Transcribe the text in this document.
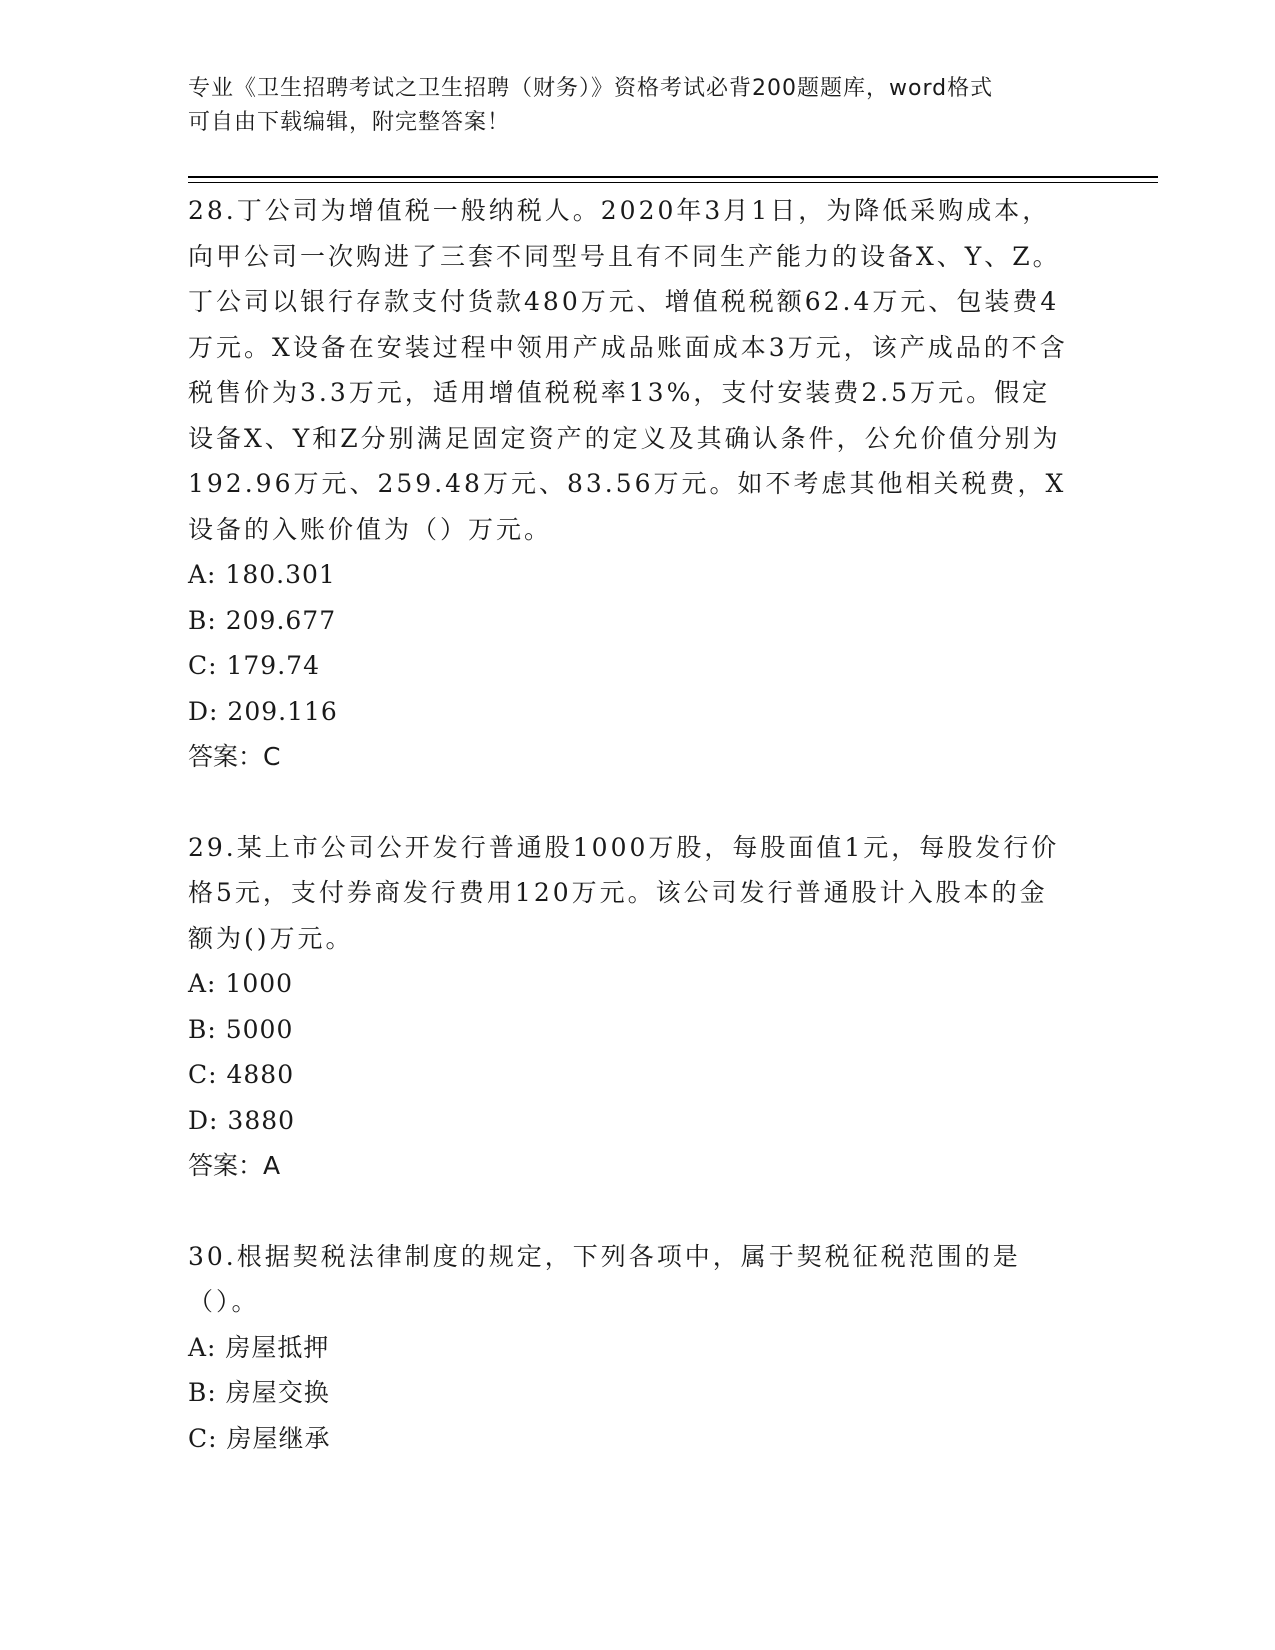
专业《卫生招聘考试之卫生招聘（财务）》资格考试必背200题题库，word格式
可自由下载编辑，附完整答案！

28.丁公司为增值税一般纳税人。2020年3月1日，为降低采购成本，向甲公司一次购进了三套不同型号且有不同生产能力的设备X、Y、Z。丁公司以银行存款支付货款480万元、增值税税额62.4万元、包装费4万元。X设备在安装过程中领用产成品账面成本3万元，该产成品的不含税售价为3.3万元，适用增值税税率13%，支付安装费2.5万元。假定设备X、Y和Z分别满足固定资产的定义及其确认条件，公允价值分别为192.96万元、259.48万元、83.56万元。如不考虑其他相关税费，X设备的入账价值为（）万元。

A: 180.301

B: 209.677

C: 179.74

D: 209.116

答案：C

29.某上市公司公开发行普通股1000万股，每股面值1元，每股发行价格5元，支付券商发行费用120万元。该公司发行普通股计入股本的金额为()万元。

A: 1000

B: 5000

C: 4880

D: 3880

答案：A

30.根据契税法律制度的规定，下列各项中，属于契税征税范围的是（）。

A: 房屋抵押

B: 房屋交换

C: 房屋继承
